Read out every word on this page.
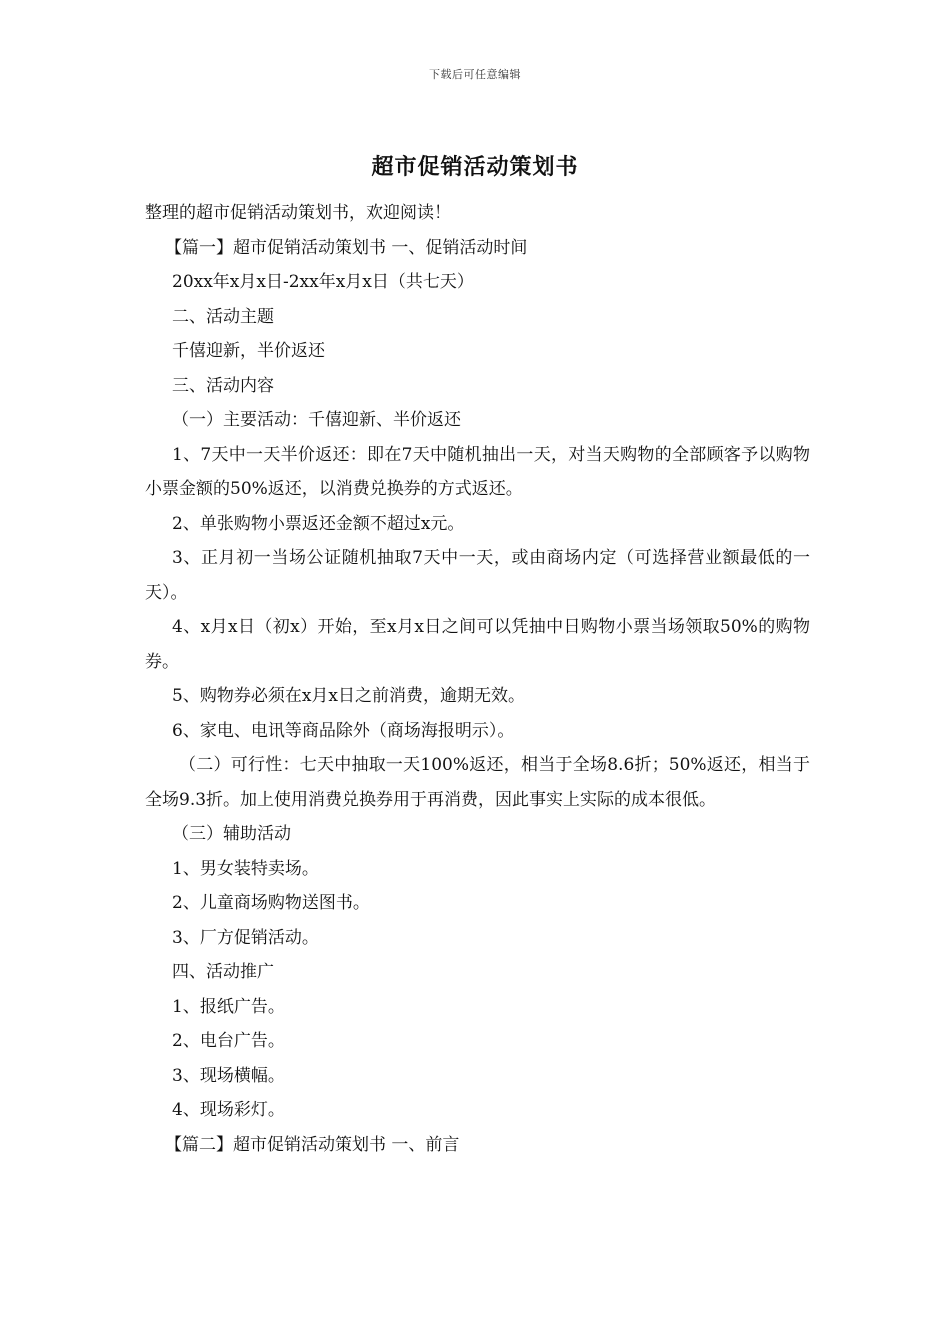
下载后可任意编辑
超市促销活动策划书

整理的超市促销活动策划书，欢迎阅读！

【篇一】超市促销活动策划书 一、促销活动时间

20xx年x月x日-2xx年x月x日（共七天）

二、活动主题

千僖迎新，半价返还

三、活动内容

（一）主要活动：千僖迎新、半价返还

1、7天中一天半价返还：即在7天中随机抽出一天，对当天购物的全部顾客予以购物小票金额的50%返还，以消费兑换券的方式返还。

2、单张购物小票返还金额不超过x元。

3、正月初一当场公证随机抽取7天中一天，或由商场内定（可选择营业额最低的一天）。

4、x月x日（初x）开始，至x月x日之间可以凭抽中日购物小票当场领取50%的购物券。

5、购物券必须在x月x日之前消费，逾期无效。

6、家电、电讯等商品除外（商场海报明示）。

（二）可行性：七天中抽取一天100%返还，相当于全场8.6折；50%返还，相当于全场9.3折。加上使用消费兑换券用于再消费，因此事实上实际的成本很低。

（三）辅助活动

1、男女装特卖场。

2、儿童商场购物送图书。

3、厂方促销活动。

四、活动推广

1、报纸广告。

2、电台广告。

3、现场横幅。

4、现场彩灯。

【篇二】超市促销活动策划书 一、前言
